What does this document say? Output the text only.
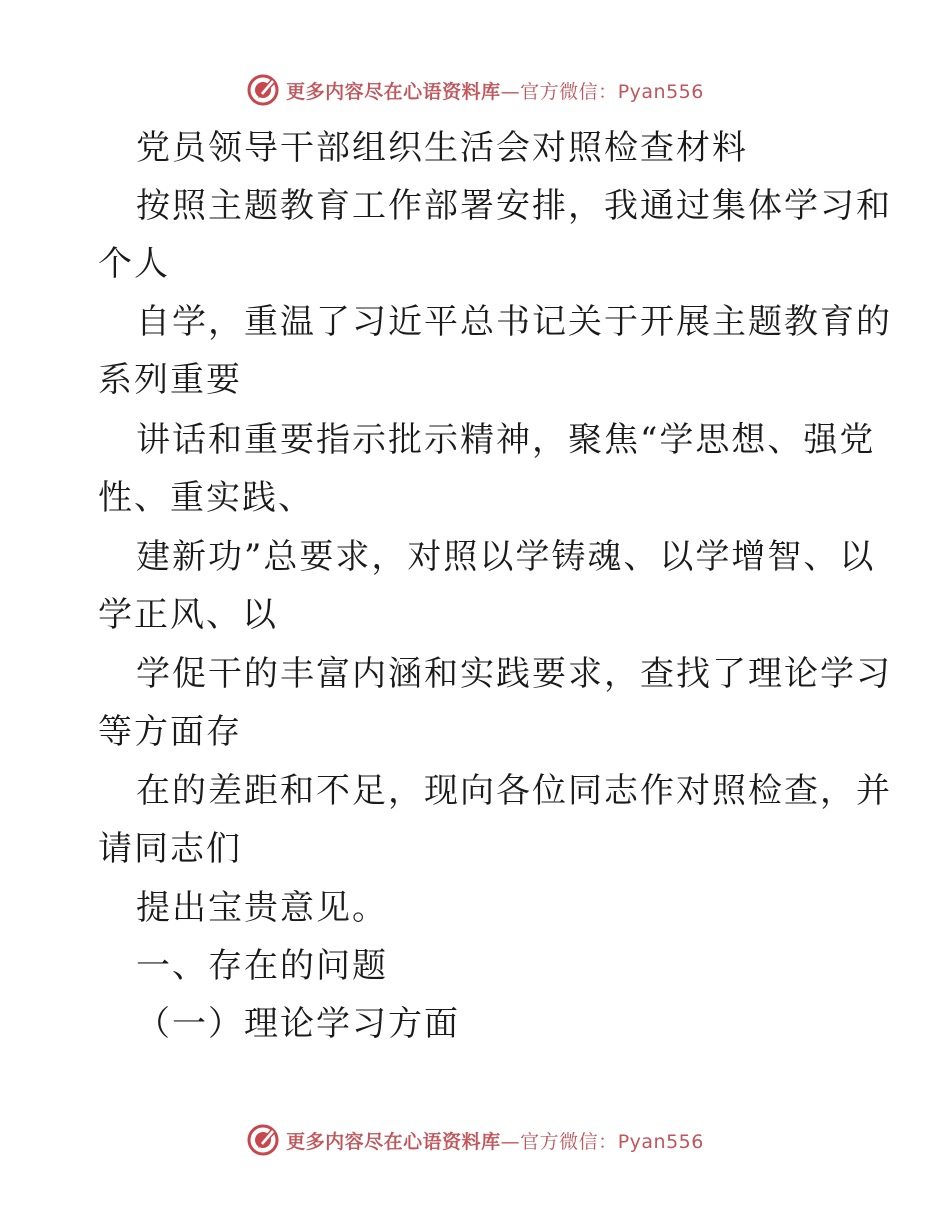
更多内容尽在心语资料库—官方微信：Pyan556
党员领导干部组织生活会对照检查材料
按照主题教育工作部署安排，我通过集体学习和
个人
自学，重温了习近平总书记关于开展主题教育的
系列重要
讲话和重要指示批示精神，聚焦“学思想、强党
性、重实践、
建新功”总要求，对照以学铸魂、以学增智、以
学正风、以
学促干的丰富内涵和实践要求，查找了理论学习
等方面存
在的差距和不足，现向各位同志作对照检查，并
请同志们
提出宝贵意见。
一、存在的问题
（一）理论学习方面
更多内容尽在心语资料库—官方微信：Pyan556
